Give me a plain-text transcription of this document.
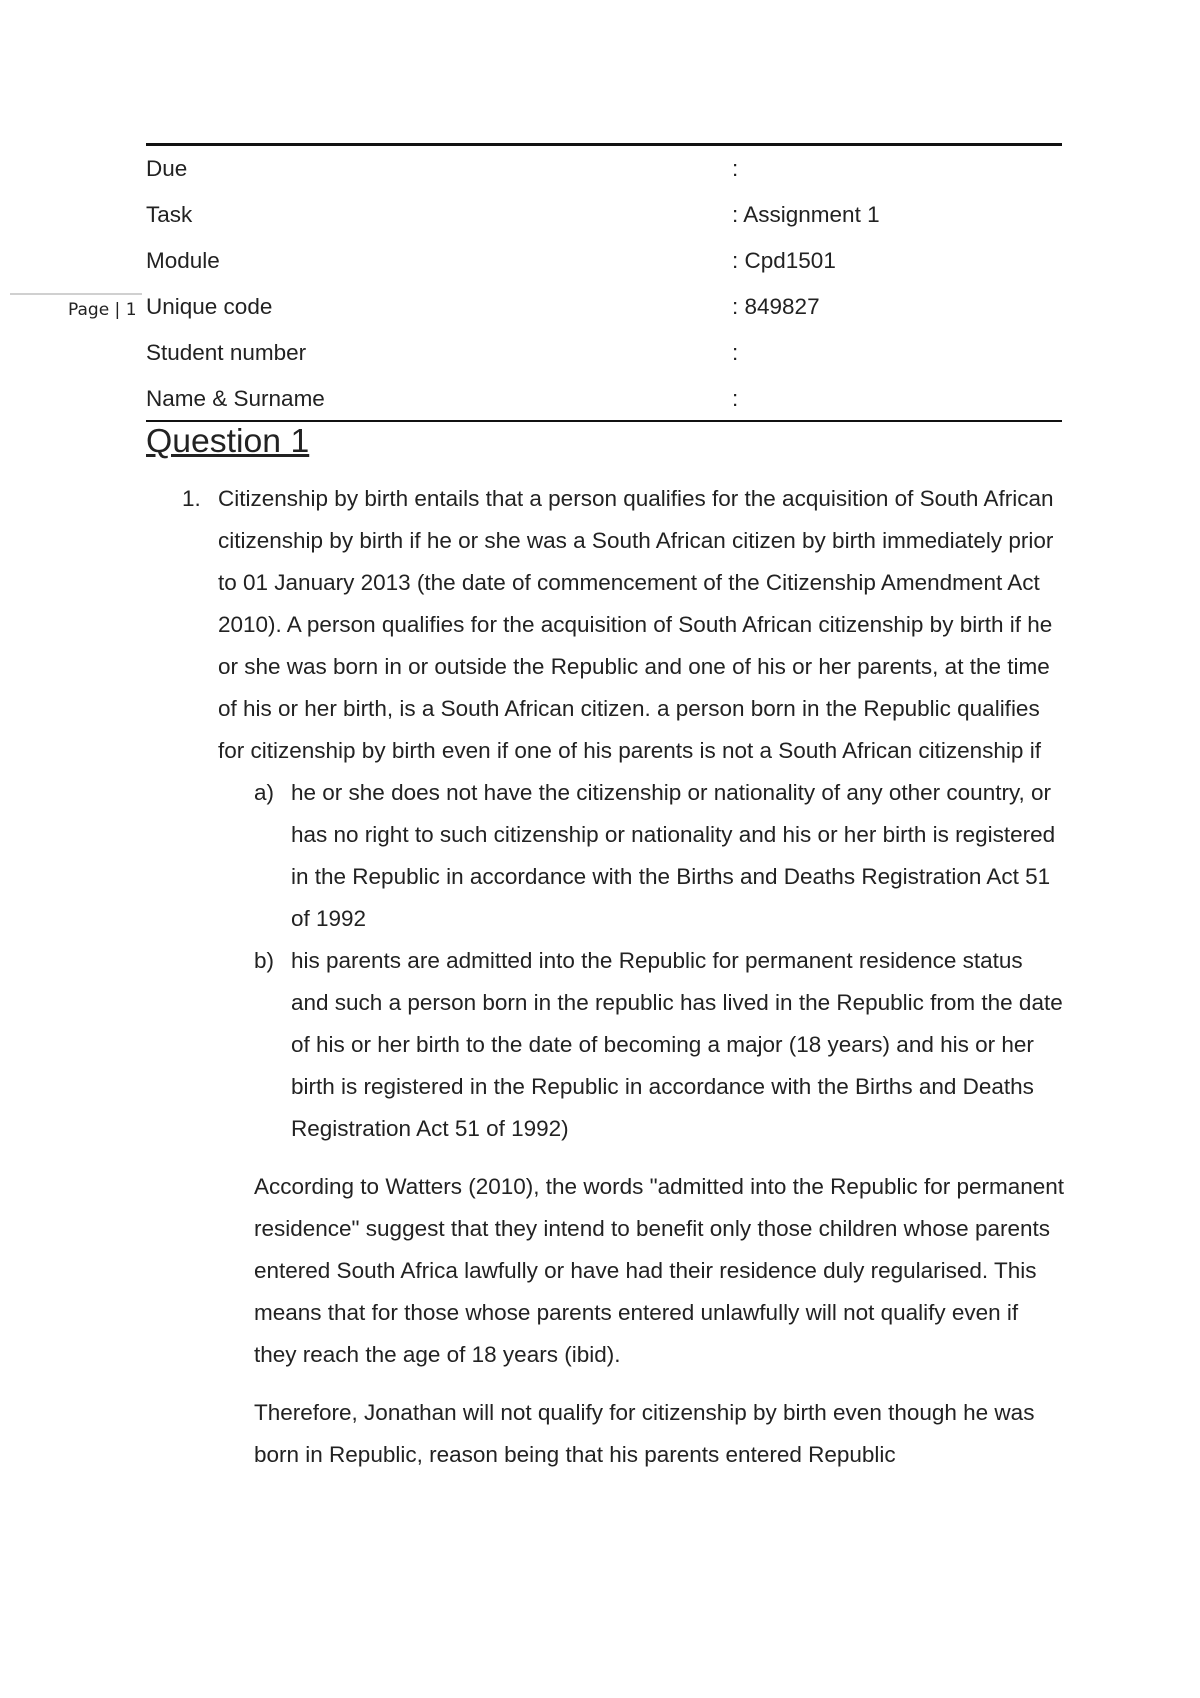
Page | 1
Due	:
Task	: Assignment 1
Module	: Cpd1501
Unique code	: 849827
Student number	:
Name & Surname	:
Question 1
1. Citizenship by birth entails that a person qualifies for the acquisition of South African citizenship by birth if he or she was a South African citizen by birth immediately prior to 01 January 2013 (the date of commencement of the Citizenship Amendment Act 2010). A person qualifies for the acquisition of South African citizenship by birth if he or she was born in or outside the Republic and one of his or her parents, at the time of his or her birth, is a South African citizen. a person born in the Republic qualifies for citizenship by birth even if one of his parents is not a South African citizenship if

a) he or she does not have the citizenship or nationality of any other country, or has no right to such citizenship or nationality and his or her birth is registered in the Republic in accordance with the Births and Deaths Registration Act 51 of 1992

b) his parents are admitted into the Republic for permanent residence status and such a person born in the republic has lived in the Republic from the date of his or her birth to the date of becoming a major (18 years) and his or her birth is registered in the Republic in accordance with the Births and Deaths Registration Act 51 of 1992)

According to Watters (2010), the words "admitted into the Republic for permanent residence" suggest that they intend to benefit only those children whose parents entered South Africa lawfully or have had their residence duly regularised. This means that for those whose parents entered unlawfully will not qualify even if they reach the age of 18 years (ibid).

Therefore, Jonathan will not qualify for citizenship by birth even though he was born in Republic, reason being that his parents entered Republic
